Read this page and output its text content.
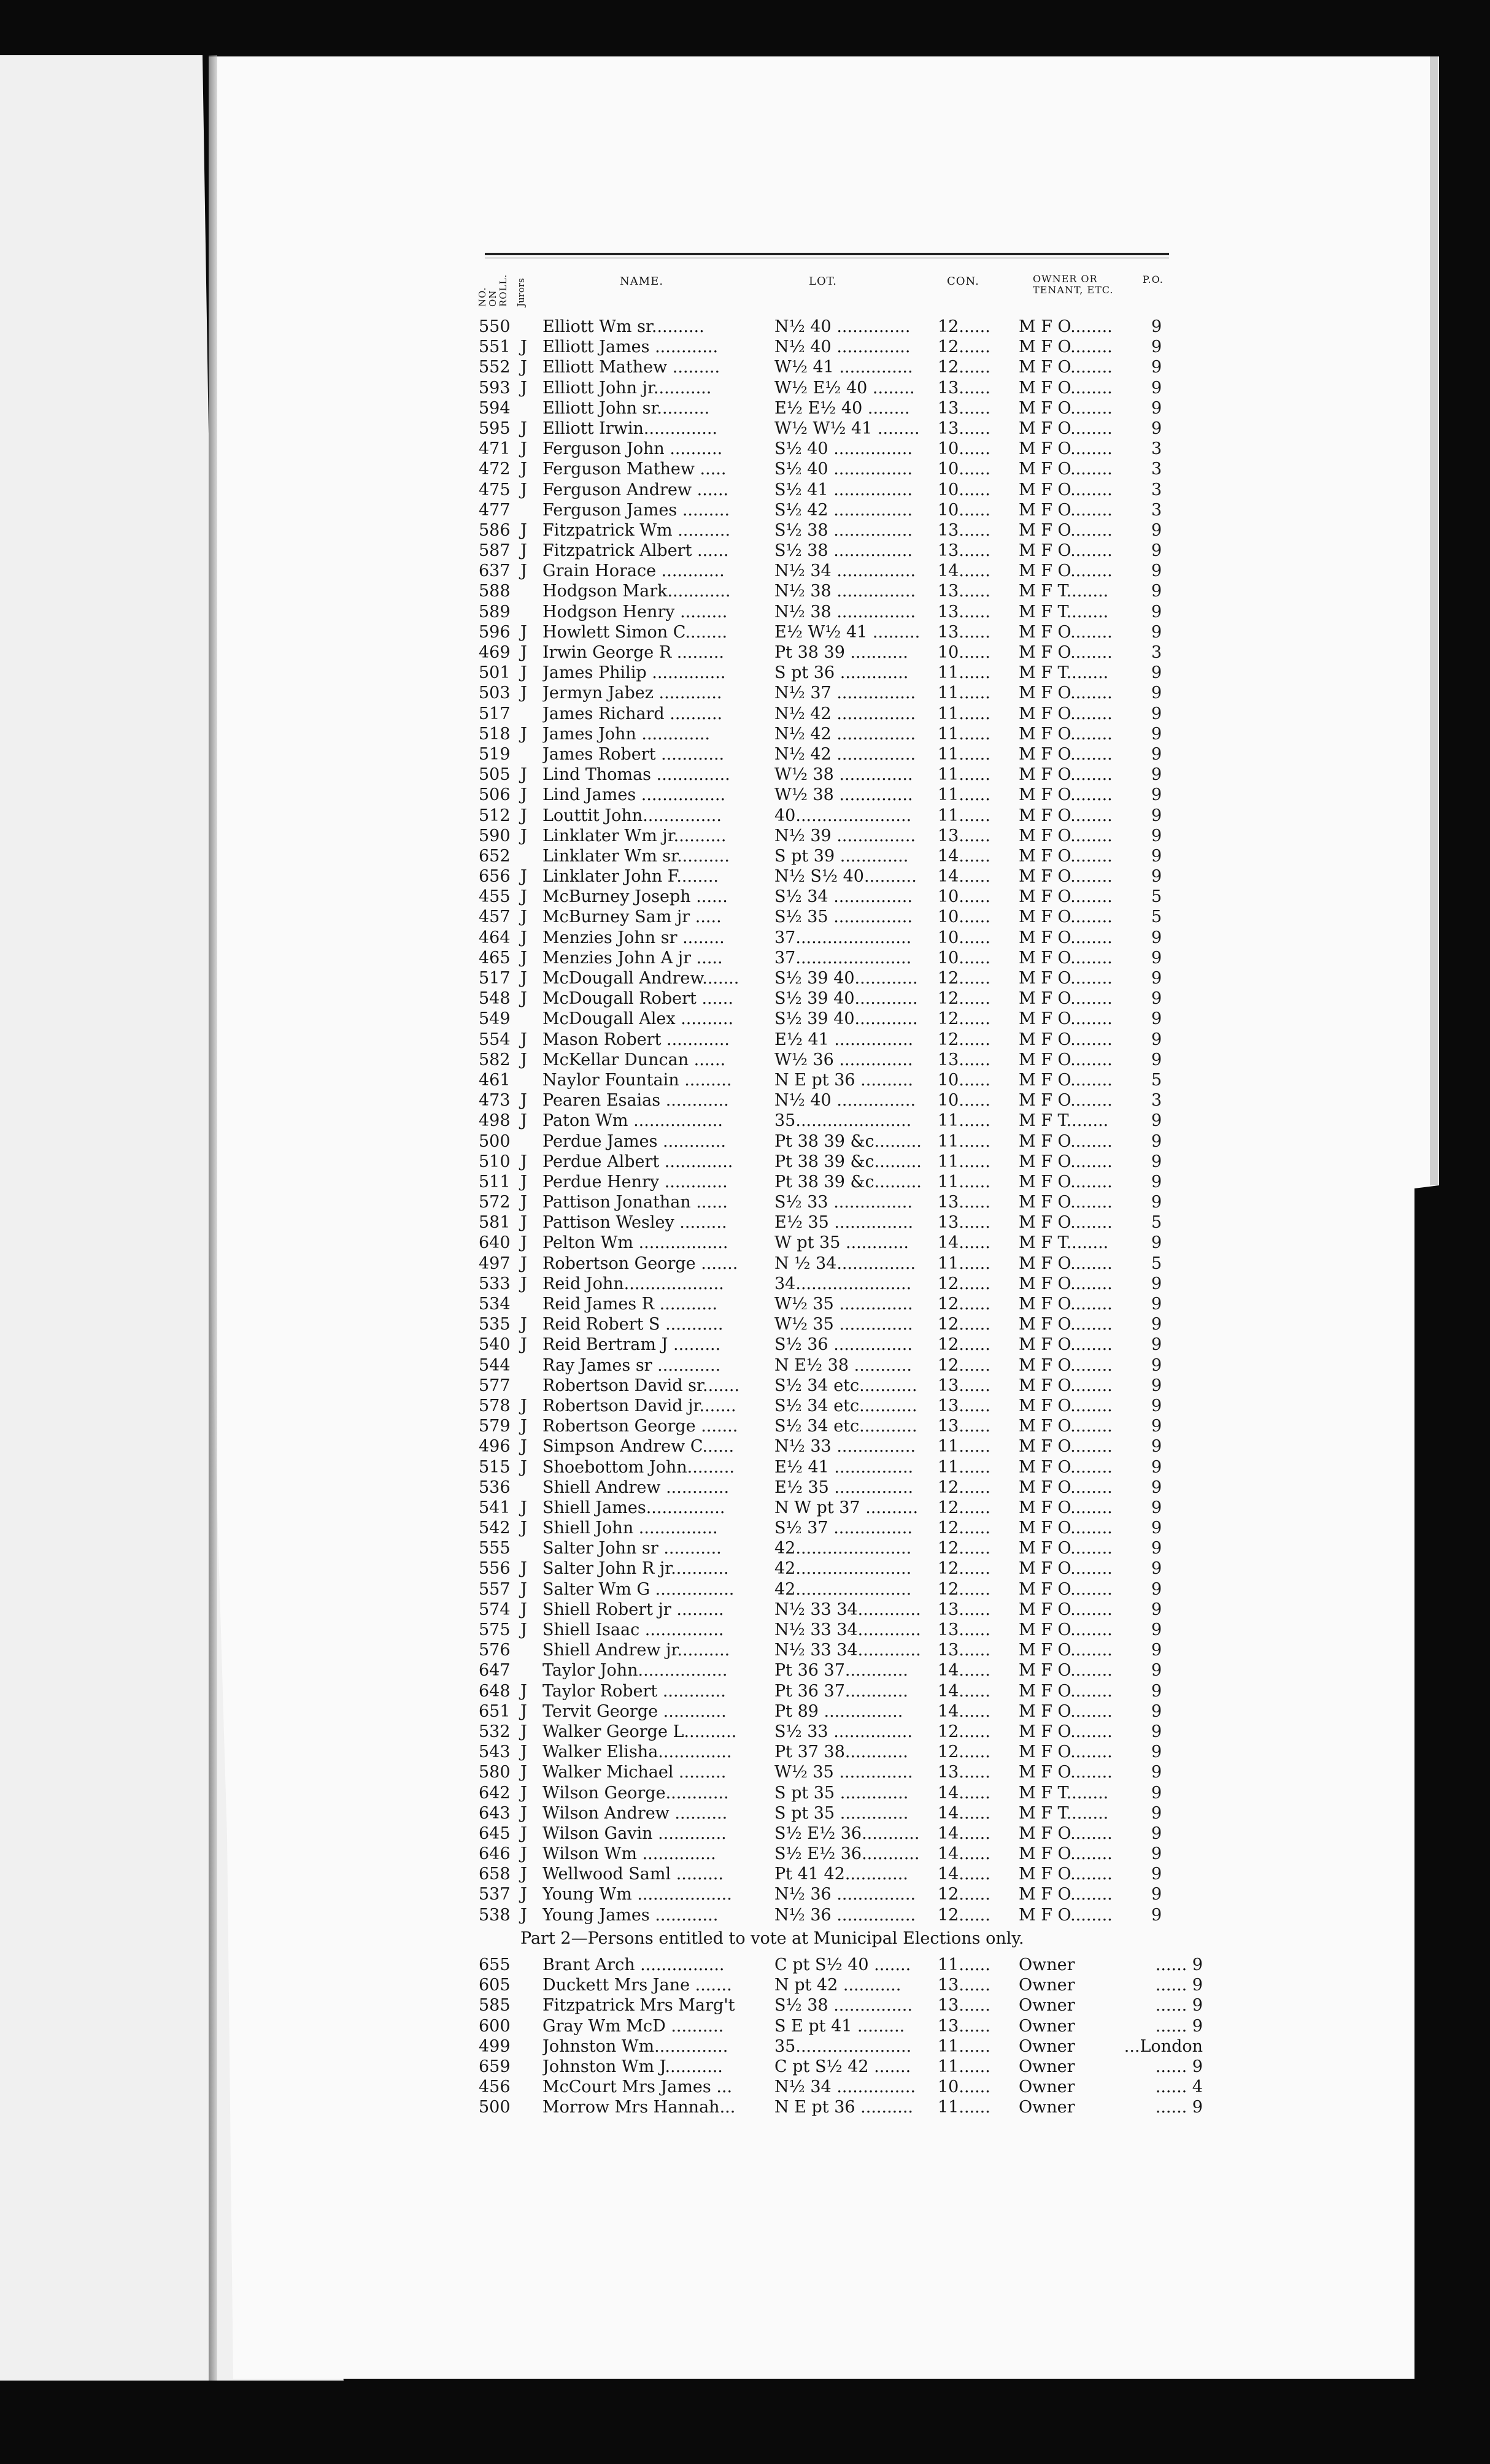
NO. ON ROLL. Jurors	NAME.	LOT.	CON.	OWNER OR TENANT, ETC.
P.O.
550	Elliott Wm sr..........	N½ 40 ..............	12......	M F O........	9
551 J Elliott James ............	N½ 40 ..............	12......	M F O........	9
552 J Elliott Mathew .........	W½ 41 ..............	12......	M F O........	9
593 J Elliott John jr...........	W½ E½ 40 ........	13......	M F O........	9
594	Elliott John sr..........	E½ E½ 40 ........	13......	M F O........	9
595 J Elliott Irwin..............	W½ W½ 41 ........ 13......	M F O........	9
471 J Ferguson John ..........	S½ 40 ...............	10......	M F O........	3
472 J Ferguson Mathew .....	S½ 40 ...............	10......	M F O........	3
475 J Ferguson Andrew ......	S½ 41 ...............	10......	M F O........	3
477	Ferguson James .........	S½ 42 ...............	10......	M F O........	3
586 J Fitzpatrick Wm ..........	S½ 38 ...............	13......	M F O........	9
587 J Fitzpatrick Albert ......	S½ 38 ...............	13......	M F O........	9
637 J Grain Horace ............	N½ 34 ...............	14......	M F O........	9
588	Hodgson Mark............	N½ 38 ...............	13......	M F T........	9
589	Hodgson Henry .........	N½ 38 ...............	13......	M F T........	9
596 J Howlett Simon C........	E½ W½ 41 ......... 13......	M F O........	9
469 J Irwin George R .........	Pt 38 39 ...........	10......	M F O........	3
501 J James Philip ..............	S pt 36 .............	11......	M F T........	9
503 J Jermyn Jabez ............	N½ 37 ...............	11......	M F O........	9
517	James Richard ..........	N½ 42 ...............	11......	M F O........	9
518 J James John .............	N½ 42 ...............	11......	M F O........	9
519	James Robert ............	N½ 42 ...............	11......	M F O........	9
505 J Lind Thomas ..............	W½ 38 ..............	11......	M F O........	9
506 J Lind James ................	W½ 38 ..............	11......	M F O........	9
512 J Louttit John...............	40......................	11......	M F O........	9
590 J Linklater Wm jr..........	N½ 39 ...............	13......	M F O........	9
652	Linklater Wm sr..........	S pt 39 .............	14......	M F O........	9
656 J Linklater John F........	N½ S½ 40..........	14......	M F O........	9
455 J McBurney Joseph ......	S½ 34 ...............	10......	M F O........	5
457 J McBurney Sam jr .....	S½ 35 ...............	10......	M F O........	5
464 J Menzies John sr ........	37......................	10......	M F O........	9
465 J Menzies John A jr .....	37......................	10......	M F O........	9
517 J McDougall Andrew.......	S½ 39 40............ 12......	M F O........	9
548 J McDougall Robert ......	S½ 39 40............ 12......	M F O........	9
549	McDougall Alex ..........	S½ 39 40............ 12......	M F O........	9
554 J Mason Robert ............	E½ 41 ...............	12......	M F O........	9
582 J McKellar Duncan ......	W½ 36 ..............	13......	M F O........	9
461	Naylor Fountain .........	N E pt 36 ..........	10......	M F O........	5
473 J Pearen Esaias ............	N½ 40 ...............	10......	M F O........	3
498 J Paton Wm .................	35......................	11......	M F T........	9
500	Perdue James ............	Pt 38 39 &c......... 11......	M F O........	9
510 J Perdue Albert .............	Pt 38 39 &c......... 11......	M F O........	9
511 J Perdue Henry ............	Pt 38 39 &c......... 11......	M F O........	9
572 J Pattison Jonathan ......	S½ 33 ...............	13......	M F O........	9
581 J Pattison Wesley .........	E½ 35 ...............	13......	M F O........	5
640 J Pelton Wm .................	W pt 35 ............	14......	M F T........	9
497 J Robertson George .......	N ½ 34...............	11......	M F O........	5
533 J Reid John...................	34......................	12......	M F O........	9
534	Reid James R ...........	W½ 35 ..............	12......	M F O........	9
535 J Reid Robert S ...........	W½ 35 ..............	12......	M F O........	9
540 J Reid Bertram J .........	S½ 36 ...............	12......	M F O........	9
544	Ray James sr ............	N E½ 38 ...........	12......	M F O........	9
577	Robertson David sr.......	S½ 34 etc........... 13......	M F O........	9
578 J Robertson David jr.......	S½ 34 etc........... 13......	M F O........	9
579 J Robertson George .......	S½ 34 etc........... 13......	M F O........	9
496 J Simpson Andrew C......	N½ 33 ...............	11......	M F O........	9
515 J Shoebottom John.........	E½ 41 ...............	11......	M F O........	9
536	Shiell Andrew ............	E½ 35 ...............	12......	M F O........	9
541 J Shiell James...............	N W pt 37 .......... 12......	M F O........	9
542 J Shiell John ...............	S½ 37 ...............	12......	M F O........	9
555	Salter John sr ...........	42......................	12......	M F O........	9
556 J Salter John R jr...........	42......................	12......	M F O........	9
557 J Salter Wm G ...............	42......................	12......	M F O........	9
574 J Shiell Robert jr .........	N½ 33 34............ 13......	M F O........	9
575 J Shiell Isaac ...............	N½ 33 34............ 13......	M F O........	9
576	Shiell Andrew jr..........	N½ 33 34............ 13......	M F O........	9
647	Taylor John.................	Pt 36 37............	14......	M F O........	9
648 J Taylor Robert ............	Pt 36 37............	14......	M F O........	9
651 J Tervit George ............	Pt 89 ...............	14......	M F O........	9
532 J Walker George L..........	S½ 33 ...............	12......	M F O........	9
543 J Walker Elisha..............	Pt 37 38............	12......	M F O........	9
580 J Walker Michael .........	W½ 35 ..............	13......	M F O........	9
642 J Wilson George............	S pt 35 .............	14......	M F T........	9
643 J Wilson Andrew ..........	S pt 35 .............	14......	M F T........	9
645 J Wilson Gavin .............	S½ E½ 36........... 14......	M F O........	9
646 J Wilson Wm ..............	S½ E½ 36........... 14......	M F O........	9
658 J Wellwood Saml .........	Pt 41 42............	14......	M F O........	9
537 J Young Wm ..................	N½ 36 ...............	12......	M F O........	9
538 J Young James ............	N½ 36 ...............	12......	M F O........	9
Part 2—Persons entitled to vote at Municipal Elections only.
655	Brant Arch ................	C pt S½ 40 .......	11......	Owner	...... 9
605	Duckett Mrs Jane .......	N pt 42 ...........	13......	Owner	...... 9
585	Fitzpatrick Mrs Marg't	S½ 38 ...............	13......	Owner	...... 9
600	Gray Wm McD ..........	S E pt 41 .........	13......	Owner	...... 9
499	Johnston Wm..............	35......................	11......	Owner	...London
659	Johnston Wm J...........	C pt S½ 42 .......	11......	Owner	...... 9
456	McCourt Mrs James ...	N½ 34 ...............	10......	Owner	...... 4
500	Morrow Mrs Hannah...	N E pt 36 ..........	11......	Owner	...... 9
